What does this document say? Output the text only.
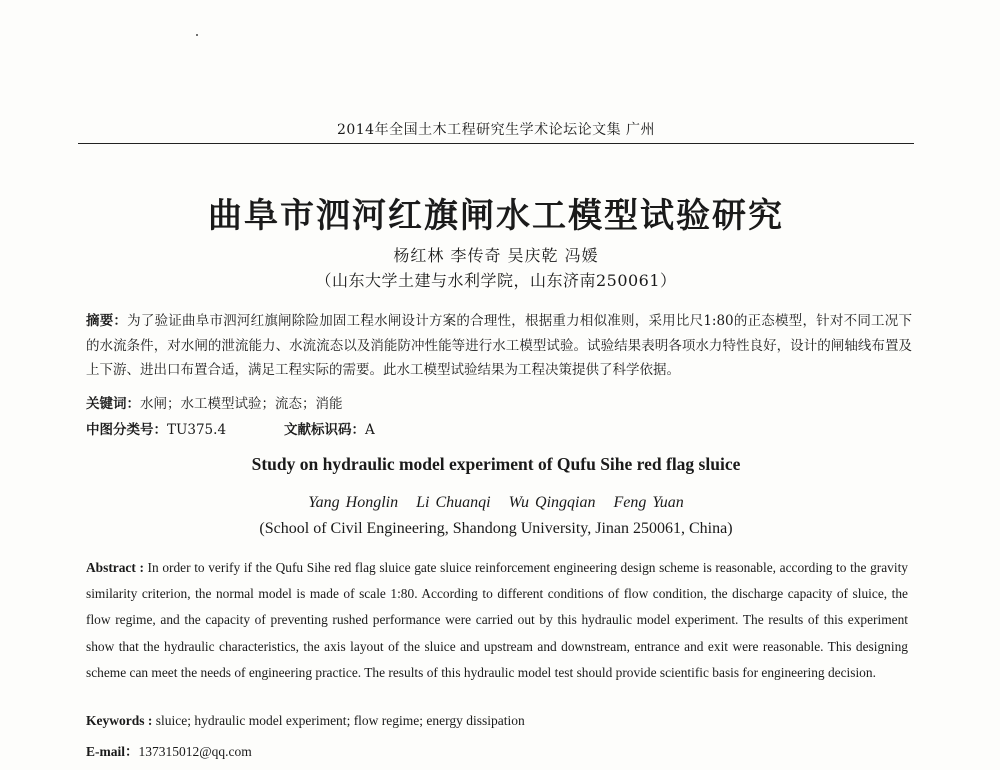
2014年全国土木工程研究生学术论坛论文集 广州
曲阜市泗河红旗闸水工模型试验研究
杨红林 李传奇 吴庆乾 冯媛
（山东大学土建与水利学院，山东济南250061）
摘要：为了验证曲阜市泗河红旗闸除险加固工程水闸设计方案的合理性，根据重力相似准则，采用比尺1:80的正态模型，针对不同工况下的水流条件，对水闸的泄流能力、水流流态以及消能防冲性能等进行水工模型试验。试验结果表明各项水力特性良好，设计的闸轴线布置及上下游、进出口布置合适，满足工程实际的需要。此水工模型试验结果为工程决策提供了科学依据。
关键词：水闸；水工模型试验；流态；消能
中图分类号：TU375.4	文献标识码：A
Study on hydraulic model experiment of Qufu Sihe red flag sluice
Yang Honglin Li Chuanqi Wu Qingqian Feng Yuan
(School of Civil Engineering, Shandong University, Jinan 250061, China)
Abstract : In order to verify if the Qufu Sihe red flag sluice gate sluice reinforcement engineering design scheme is reasonable, according to the gravity similarity criterion, the normal model is made of scale 1:80. According to different conditions of flow condition, the discharge capacity of sluice, the flow regime, and the capacity of preventing rushed performance were carried out by this hydraulic model experiment. The results of this experiment show that the hydraulic characteristics, the axis layout of the sluice and upstream and downstream, entrance and exit were reasonable. This designing scheme can meet the needs of engineering practice. The results of this hydraulic model test should provide scientific basis for engineering decision.
Keywords : sluice; hydraulic model experiment; flow regime; energy dissipation
E-mail：137315012@qq.com
